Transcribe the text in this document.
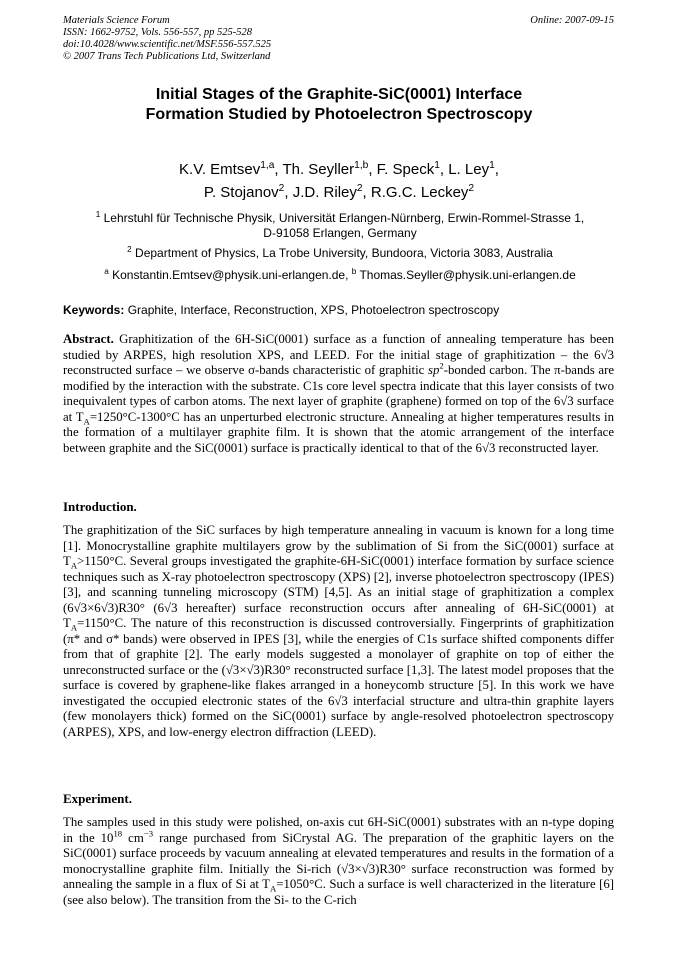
Materials Science Forum
ISSN: 1662-9752, Vols. 556-557, pp 525-528
doi:10.4028/www.scientific.net/MSF.556-557.525
© 2007 Trans Tech Publications Ltd, Switzerland
Online: 2007-09-15
Initial Stages of the Graphite-SiC(0001) Interface
Formation Studied by Photoelectron Spectroscopy
K.V. Emtsev$^{1,a}$, Th. Seyller$^{1,b}$, F. Speck$^1$, L. Ley$^1$,
P. Stojanov$^2$, J.D. Riley$^2$, R.G.C. Leckey$^2$
$^1$ Lehrstuhl für Technische Physik, Universität Erlangen-Nürnberg, Erwin-Rommel-Strasse 1,
D-91058 Erlangen, Germany
$^2$ Department of Physics, La Trobe University, Bundoora, Victoria 3083, Australia
$^a$ Konstantin.Emtsev@physik.uni-erlangen.de, $^b$ Thomas.Seyller@physik.uni-erlangen.de
Keywords: Graphite, Interface, Reconstruction, XPS, Photoelectron spectroscopy
Abstract. Graphitization of the 6H-SiC(0001) surface as a function of annealing temperature has been studied by ARPES, high resolution XPS, and LEED. For the initial stage of graphitization – the 6√3 reconstructed surface – we observe σ-bands characteristic of graphitic $sp^2$-bonded carbon. The π-bands are modified by the interaction with the substrate. C1s core level spectra indicate that this layer consists of two inequivalent types of carbon atoms. The next layer of graphite (graphene) formed on top of the 6√3 surface at $T_A=1250^\circ C-1300^\circ C$ has an unperturbed electronic structure. Annealing at higher temperatures results in the formation of a multilayer graphite film. It is shown that the atomic arrangement of the interface between graphite and the SiC(0001) surface is practically identical to that of the 6√3 reconstructed layer.
Introduction.
The graphitization of the SiC surfaces by high temperature annealing in vacuum is known for a long time [1]. Monocrystalline graphite multilayers grow by the sublimation of Si from the SiC(0001) surface at $T_A>1150^\circ C$. Several groups investigated the graphite-6H-SiC(0001) interface formation by surface science techniques such as X-ray photoelectron spectroscopy (XPS) [2], inverse photoelectron spectroscopy (IPES) [3], and scanning tunneling microscopy (STM) [4,5]. As an initial stage of graphitization a complex (6√3×6√3)R30° (6√3 hereafter) surface reconstruction occurs after annealing of 6H-SiC(0001) at $T_A=1150^\circ C$. The nature of this reconstruction is discussed controversially. Fingerprints of graphitization (π* and σ* bands) were observed in IPES [3], while the energies of C1s surface shifted components differ from that of graphite [2]. The early models suggested a monolayer of graphite on top of either the unreconstructed surface or the (√3×√3)R30° reconstructed surface [1,3]. The latest model proposes that the surface is covered by graphene-like flakes arranged in a honeycomb structure [5]. In this work we have investigated the occupied electronic states of the 6√3 interfacial structure and ultra-thin graphite layers (few monolayers thick) formed on the SiC(0001) surface by angle-resolved photoelectron spectroscopy (ARPES), XPS, and low-energy electron diffraction (LEED).
Experiment.
The samples used in this study were polished, on-axis cut 6H-SiC(0001) substrates with an n-type doping in the $10^{18}$ $cm^{-3}$ range purchased from SiCrystal AG. The preparation of the graphitic layers on the SiC(0001) surface proceeds by vacuum annealing at elevated temperatures and results in the formation of a monocrystalline graphite film. Initially the Si-rich (√3×√3)R30° surface reconstruction was formed by annealing the sample in a flux of Si at $T_A=1050^\circ C$. Such a surface is well characterized in the literature [6] (see also below). The transition from the Si- to the C-rich
